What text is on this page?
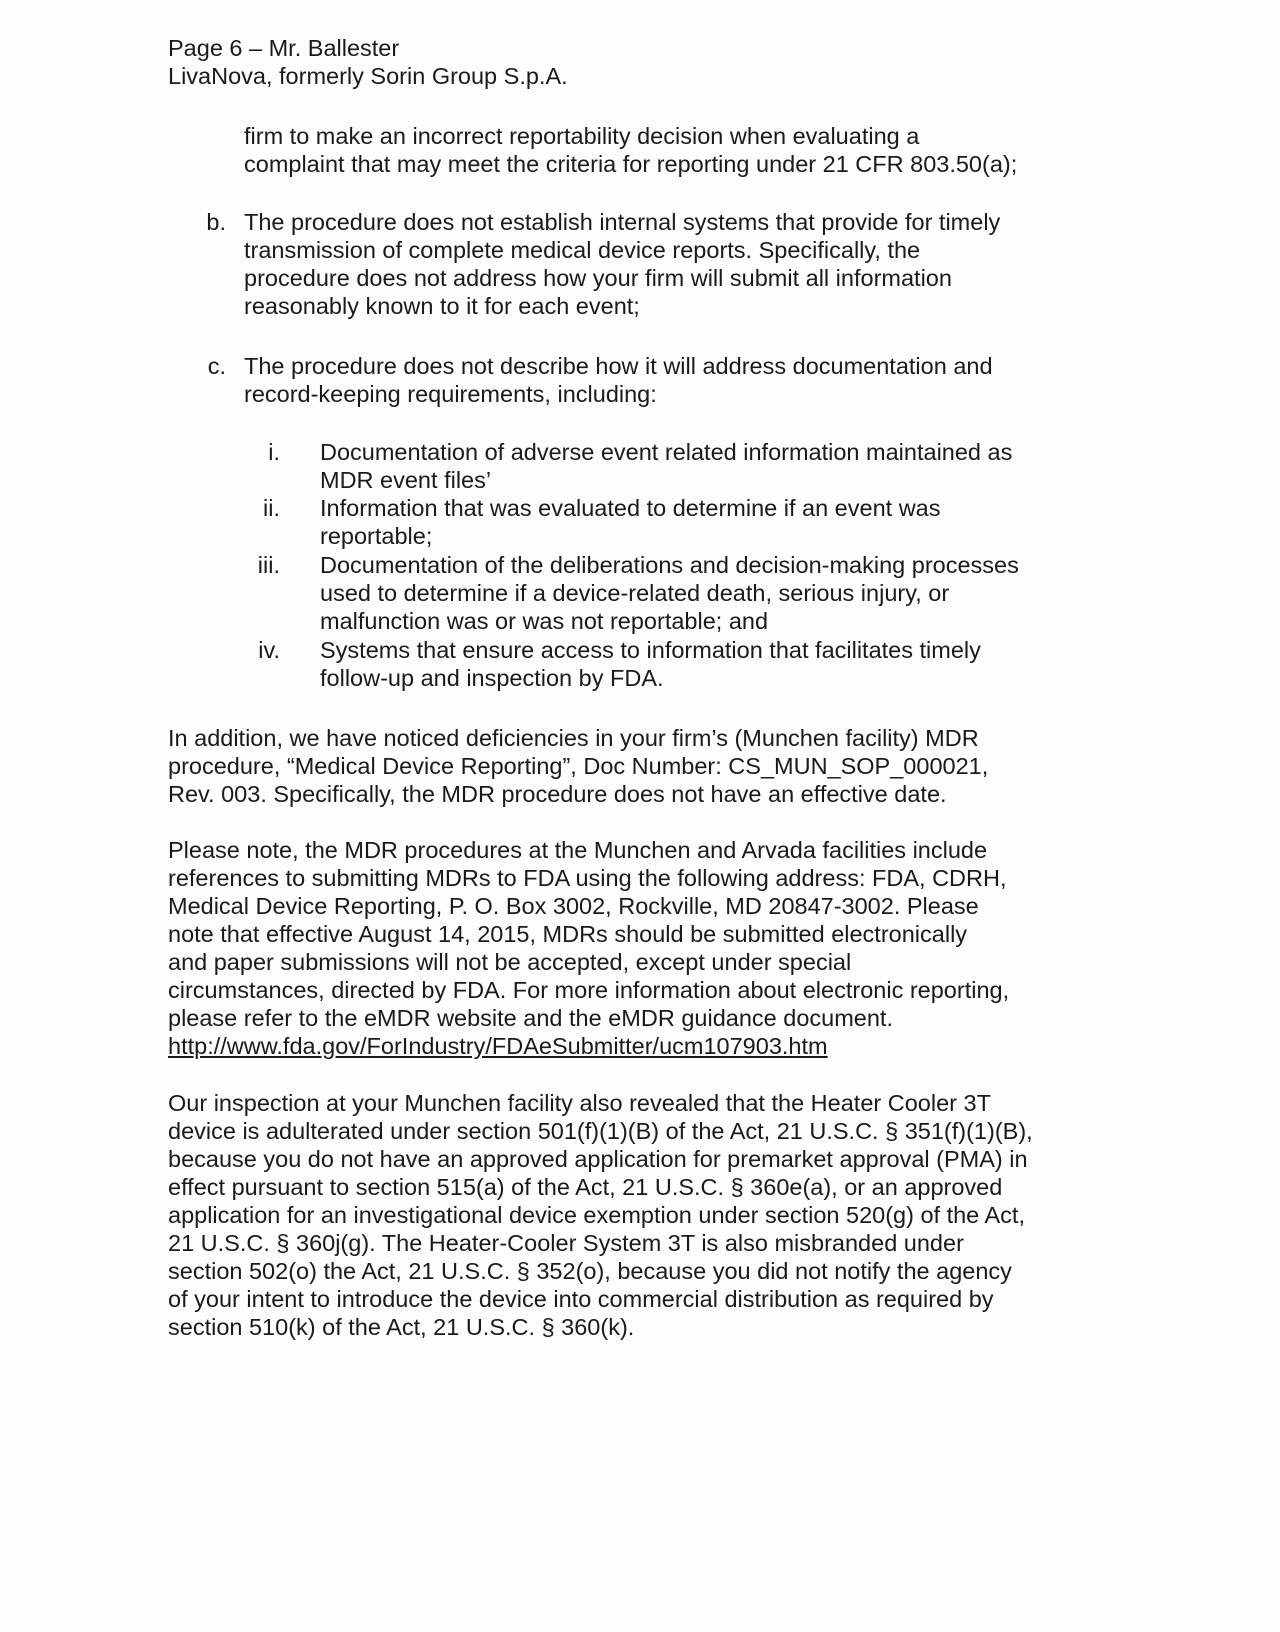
Page 6 – Mr. Ballester
LivaNova, formerly Sorin Group S.p.A.
firm to make an incorrect reportability decision when evaluating a
complaint that may meet the criteria for reporting under 21 CFR 803.50(a);
b. The procedure does not establish internal systems that provide for timely
transmission of complete medical device reports. Specifically, the
procedure does not address how your firm will submit all information
reasonably known to it for each event;
c. The procedure does not describe how it will address documentation and
record-keeping requirements, including:
i. Documentation of adverse event related information maintained as
MDR event files’
ii. Information that was evaluated to determine if an event was
reportable;
iii. Documentation of the deliberations and decision-making processes
used to determine if a device-related death, serious injury, or
malfunction was or was not reportable; and
iv. Systems that ensure access to information that facilitates timely
follow-up and inspection by FDA.
In addition, we have noticed deficiencies in your firm’s (Munchen facility) MDR
procedure, “Medical Device Reporting”, Doc Number: CS_MUN_SOP_000021,
Rev. 003. Specifically, the MDR procedure does not have an effective date.
Please note, the MDR procedures at the Munchen and Arvada facilities include
references to submitting MDRs to FDA using the following address: FDA, CDRH,
Medical Device Reporting, P. O. Box 3002, Rockville, MD 20847-3002. Please
note that effective August 14, 2015, MDRs should be submitted electronically
and paper submissions will not be accepted, except under special
circumstances, directed by FDA. For more information about electronic reporting,
please refer to the eMDR website and the eMDR guidance document.
http://www.fda.gov/ForIndustry/FDAeSubmitter/ucm107903.htm
Our inspection at your Munchen facility also revealed that the Heater Cooler 3T
device is adulterated under section 501(f)(1)(B) of the Act, 21 U.S.C. § 351(f)(1)(B),
because you do not have an approved application for premarket approval (PMA) in
effect pursuant to section 515(a) of the Act, 21 U.S.C. § 360e(a), or an approved
application for an investigational device exemption under section 520(g) of the Act,
21 U.S.C. § 360j(g). The Heater-Cooler System 3T is also misbranded under
section 502(o) the Act, 21 U.S.C. § 352(o), because you did not notify the agency
of your intent to introduce the device into commercial distribution as required by
section 510(k) of the Act, 21 U.S.C. § 360(k).
